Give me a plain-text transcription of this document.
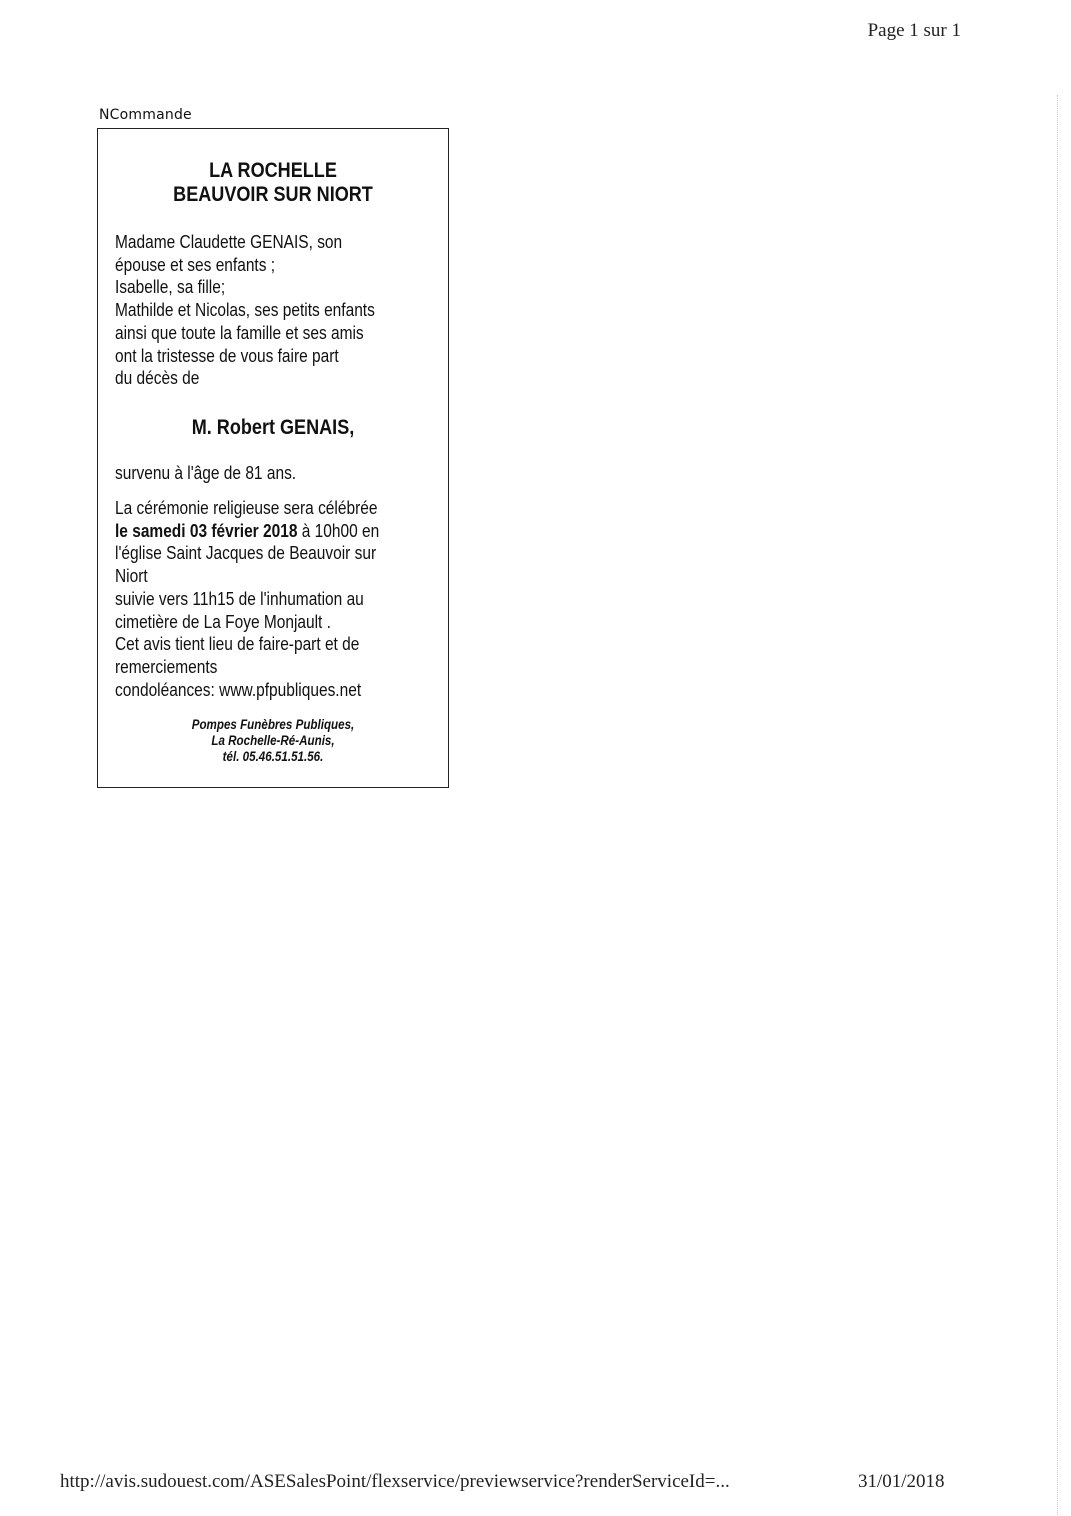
Page 1 sur 1
NCommande
LA ROCHELLE
BEAUVOIR SUR NIORT
Madame Claudette GENAIS, son
épouse et ses enfants ;
Isabelle, sa fille;
Mathilde et Nicolas, ses petits enfants
ainsi que toute la famille et ses amis
ont la tristesse de vous faire part
du décès de
M. Robert GENAIS,
survenu à l'âge de 81 ans.
La cérémonie religieuse sera célébrée
le samedi 03 février 2018 à 10h00 en
l'église Saint Jacques de Beauvoir sur
Niort
suivie vers 11h15 de l'inhumation au
cimetière de La Foye Monjault .
Cet avis tient lieu de faire-part et de
remerciements
condoléances: www.pfpubliques.net
Pompes Funèbres Publiques,
La Rochelle-Ré-Aunis,
tél. 05.46.51.51.56.
http://avis.sudouest.com/ASESalesPoint/flexservice/previewservice?renderServiceId=...	31/01/2018
